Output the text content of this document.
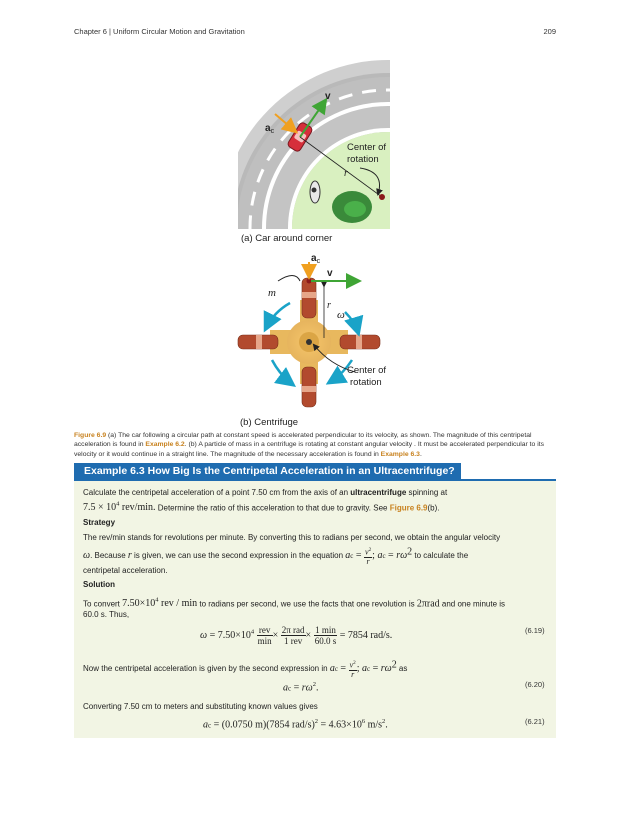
Chapter 6 | Uniform Circular Motion and Gravitation	209
v
$a_c$
Center of
rotation
r
(a) Car around corner
$a_c$
v
m
r
ω
Center of
rotation
(b) Centrifuge
Figure 6.9 (a) The car following a circular path at constant speed is accelerated perpendicular to its velocity, as shown. The magnitude of this centripetal acceleration is found in Example 6.2. (b) A particle of mass in a centrifuge is rotating at constant angular velocity . It must be accelerated perpendicular to its velocity or it would continue in a straight line. The magnitude of the necessary acceleration is found in Example 6.3.
Example 6.3 How Big Is the Centripetal Acceleration in an Ultracentrifuge?
Calculate the centripetal acceleration of a point 7.50 cm from the axis of an ultracentrifuge spinning at
$7.5 \times 10^4$ rev/min. Determine the ratio of this acceleration to that due to gravity. See Figure 6.9(b).
Strategy
The rev/min stands for revolutions per minute. By converting this to radians per second, we obtain the angular velocity
ω. Because r is given, we can use the second expression in the equation ac = $\frac{v^2}{r}$ ; ac = $r\omega^2$ to calculate the
centripetal acceleration.
Solution
To convert $7.50\times 10^4$ rev / min to radians per second, we use the facts that one revolution is 2πrad and one minute is
60.0 s. Thus,
$\omega = 7.50\times 10^4 \frac{\text{rev}}{\min} \times \frac{\text{2π rad}}{\text{1 rev}} \times \frac{1 \min}{60.0 s} = 7854$ rad/s.	(6.19)
Now the centripetal acceleration is given by the second expression in ac = $\frac{v^2}{r}$ ; ac = $r\omega^2$ as
ac = $r\omega^2$.	(6.20)
Converting 7.50 cm to meters and substituting known values gives
ac = (0.0750 m)(7854 $rad/s)^2 = 4.63\times 10^6$ $m/s^2$.	(6.21)
